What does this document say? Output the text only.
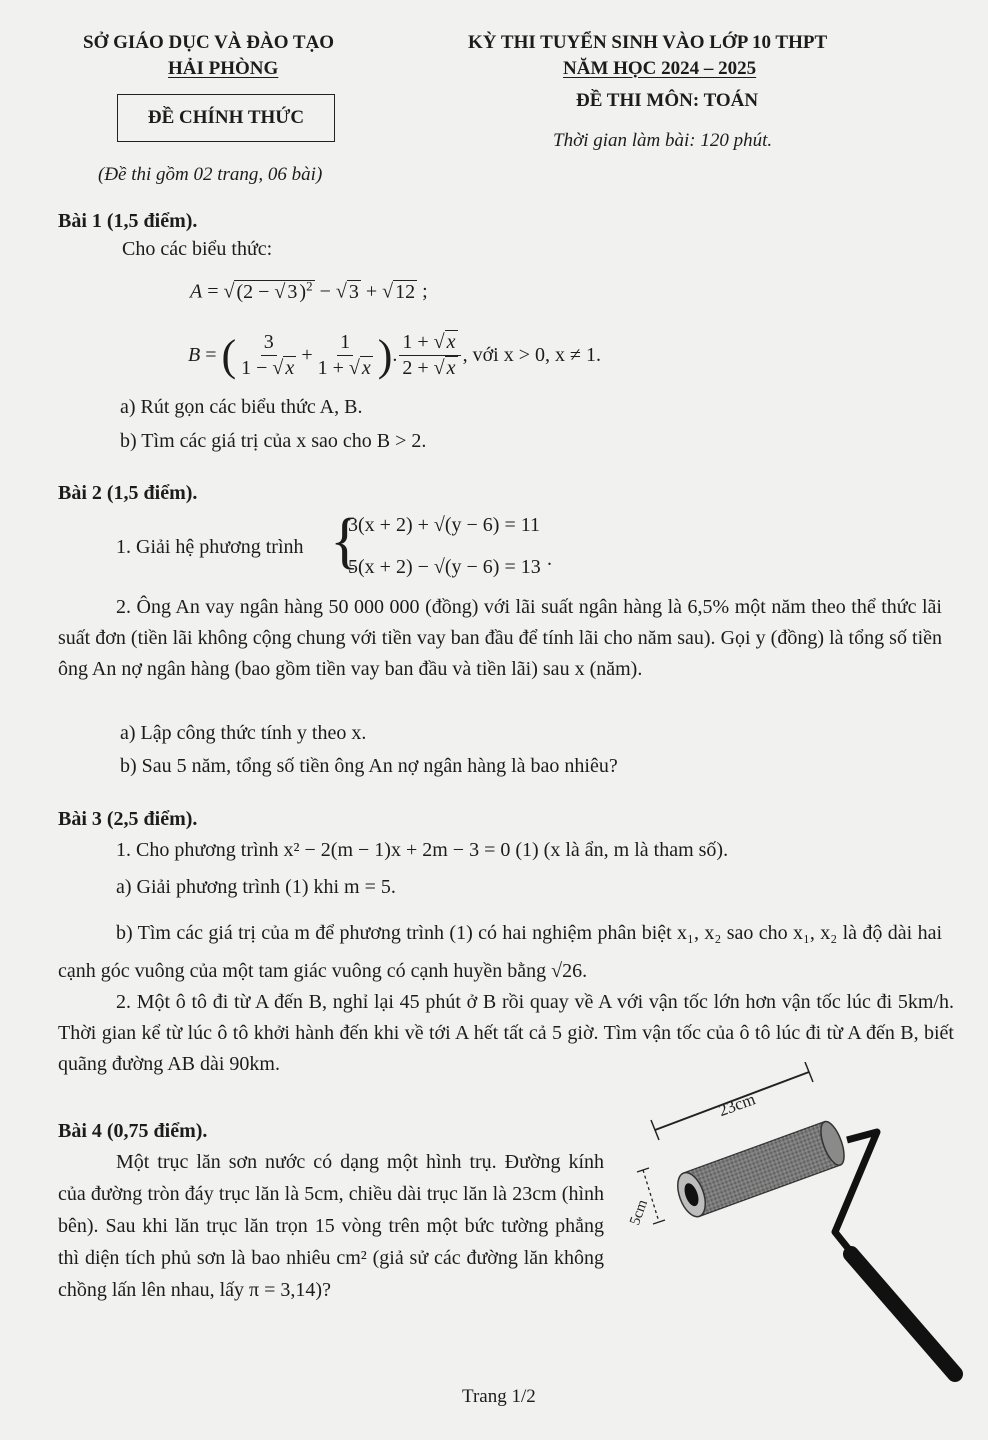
SỞ GIÁO DỤC VÀ ĐÀO TẠO
HẢI PHÒNG
KỲ THI TUYỂN SINH VÀO LỚP 10 THPT
NĂM HỌC 2024 – 2025
ĐỀ CHÍNH THỨC
ĐỀ THI MÔN: TOÁN
Thời gian làm bài: 120 phút.
(Đề thi gồm 02 trang, 06 bài)
Bài 1 (1,5 điểm).
Cho các biểu thức:
A = √ (2 − √ 3 )$^2$ − √ 3 + √ 12 ;
B = ( $\frac{3}{1 - √ x} + \frac{1}{1 + √ x}$ ) . $\frac{1 + √ x}{2 + √ x}$ , với x > 0, x ≠ 1.
a) Rút gọn các biểu thức A, B.
b) Tìm các giá trị của x sao cho B > 2.
Bài 2 (1,5 điểm).
1. Giải hệ phương trình {
3(x + 2) + √(y − 6) = 11
5(x + 2) − √(y − 6) = 13 .
2. Ông An vay ngân hàng 50 000 000 (đồng) với lãi suất ngân hàng là 6,5% một năm theo thể thức lãi suất đơn (tiền lãi không cộng chung với tiền vay ban đầu để tính lãi cho năm sau). Gọi y (đồng) là tổng số tiền ông An nợ ngân hàng (bao gồm tiền vay ban đầu và tiền lãi) sau x (năm).
a) Lập công thức tính y theo x.
b) Sau 5 năm, tổng số tiền ông An nợ ngân hàng là bao nhiêu?
Bài 3 (2,5 điểm).
1. Cho phương trình x² − 2(m − 1)x + 2m − 3 = 0 (1) (x là ẩn, m là tham số).
a) Giải phương trình (1) khi m = 5.
b) Tìm các giá trị của m để phương trình (1) có hai nghiệm phân biệt x₁, x₂ sao cho x₁, x₂ là độ dài hai cạnh góc vuông của một tam giác vuông có cạnh huyền bằng √26.
2. Một ô tô đi từ A đến B, nghỉ lại 45 phút ở B rồi quay về A với vận tốc lớn hơn vận tốc lúc đi 5km/h. Thời gian kể từ lúc ô tô khởi hành đến khi về tới A hết tất cả 5 giờ. Tìm vận tốc của ô tô lúc đi từ A đến B, biết quãng đường AB dài 90km.
Bài 4 (0,75 điểm).
Một trục lăn sơn nước có dạng một hình trụ. Đường kính của đường tròn đáy trục lăn là 5cm, chiều dài trục lăn là 23cm (hình bên). Sau khi lăn trục lăn trọn 15 vòng trên một bức tường phẳng thì diện tích phủ sơn là bao nhiêu cm² (giả sử các đường lăn không chồng lấn lên nhau, lấy π = 3,14)?
23cm
5cm
Trang 1/2
